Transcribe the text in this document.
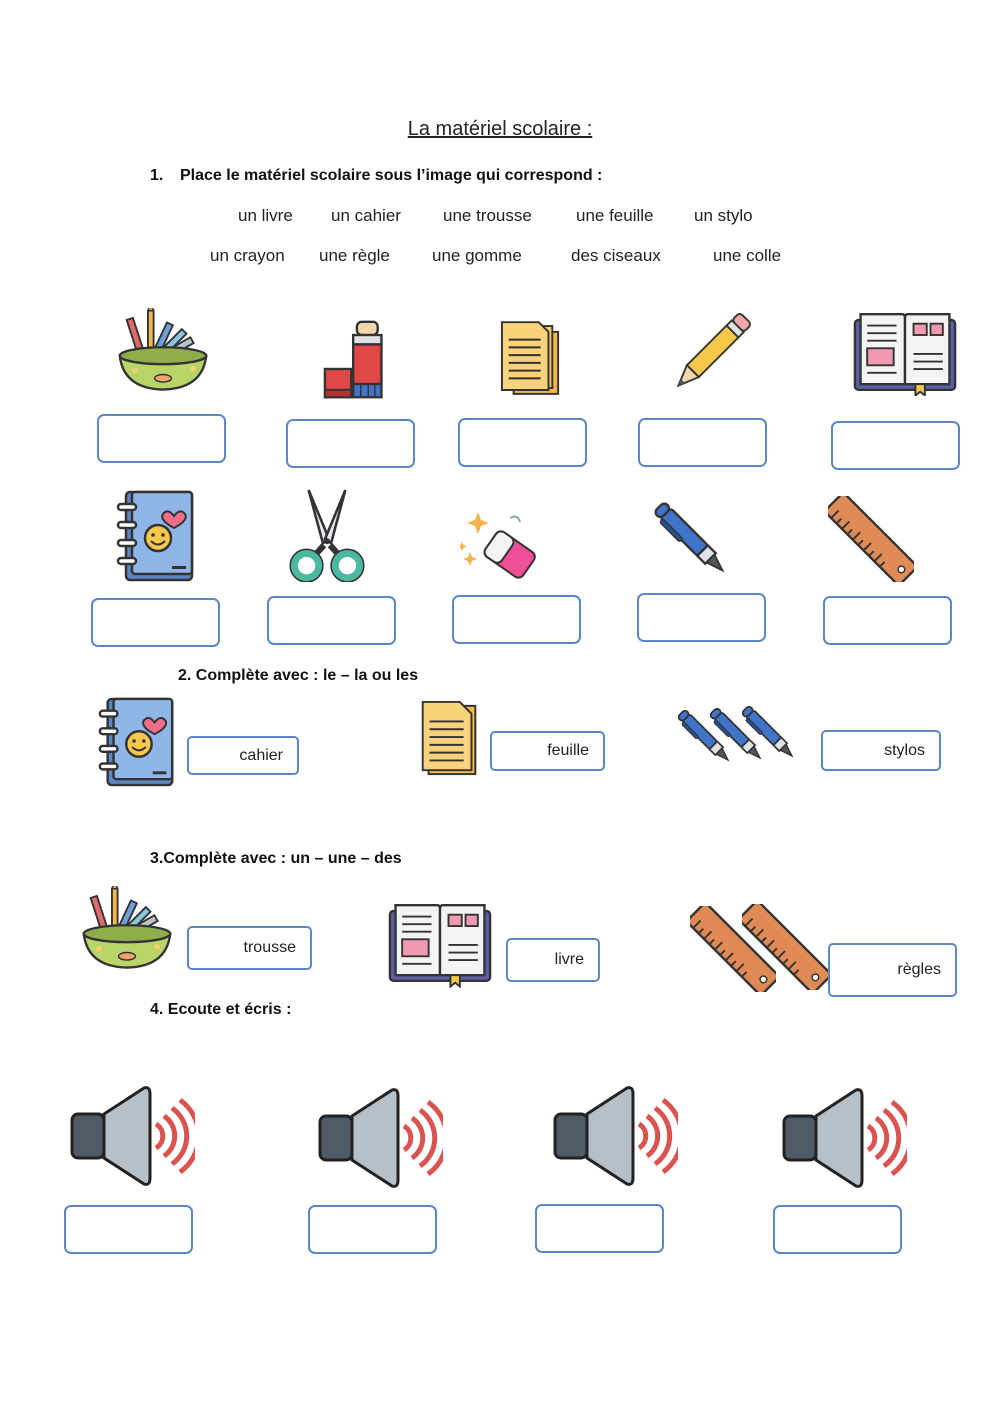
La matériel scolaire :
1. Place le matériel scolaire sous l’image qui correspond :
un livre un cahier une trousse	une feuille un stylo
un crayon une règle une gomme	des ciseaux	une colle
2. Complète avec : le – la ou les
cahier	feuille	stylos
3.Complète avec : un – une – des
trousse
livre
règles
4. Ecoute et écris :
